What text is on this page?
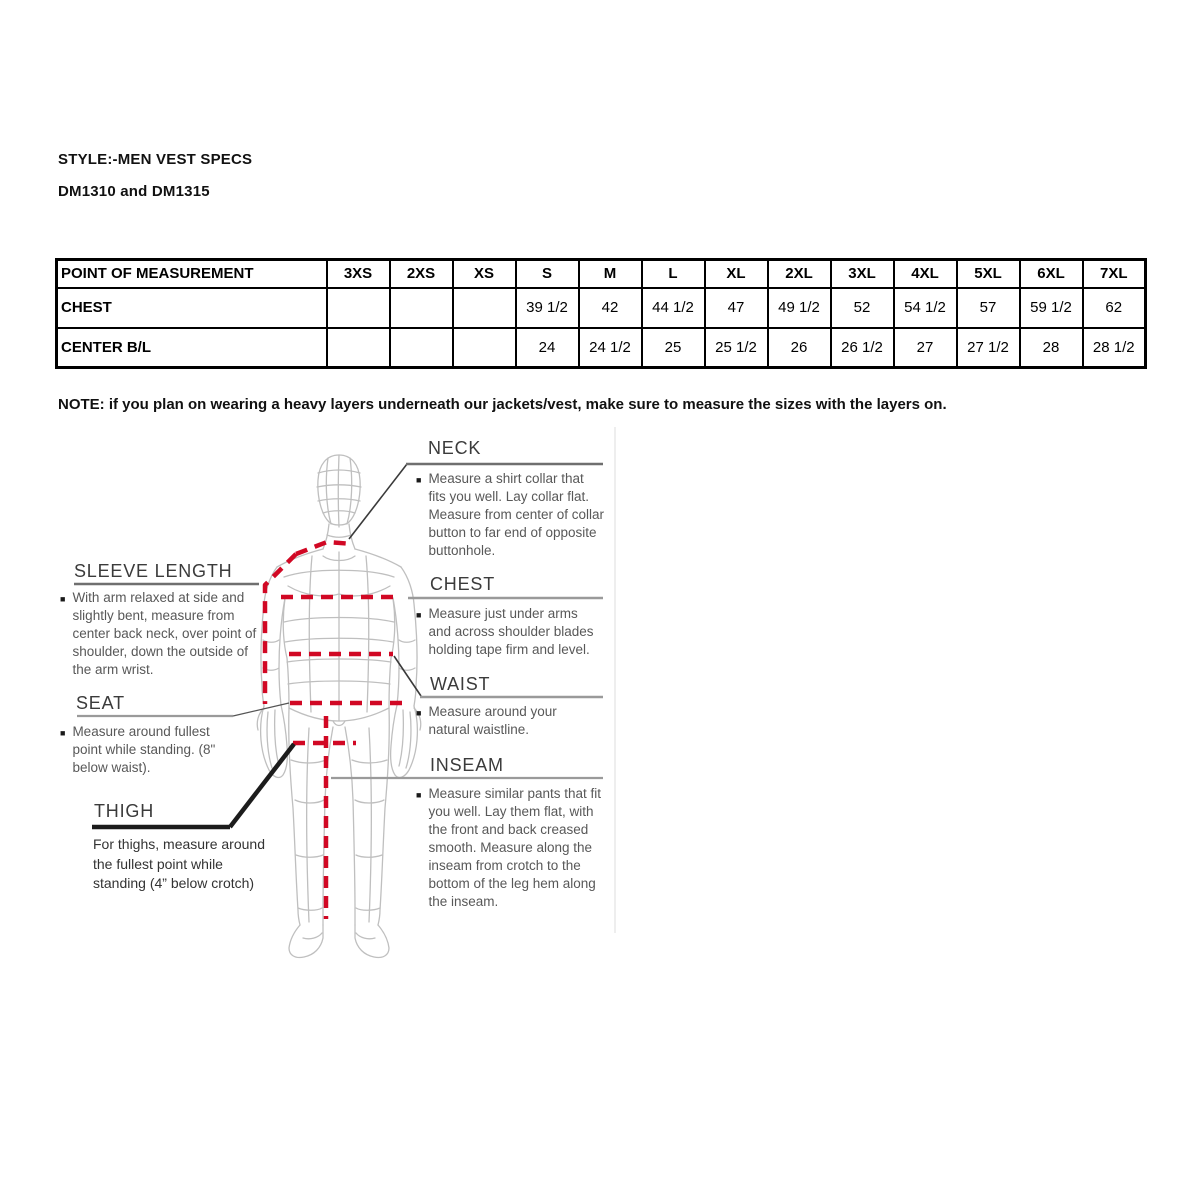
STYLE:-MEN VEST SPECS
DM1310 and DM1315
POINT OF MEASUREMENT	3XS	2XS	XS	S	M	L	XL	2XL	3XL	4XL	5XL	6XL	7XL
CHEST				39 1/2	42	44 1/2	47	49 1/2	52	54 1/2	57	59 1/2	62
CENTER B/L				24	24 1/2	25	25 1/2	26	26 1/2	27	27 1/2	28	28 1/2
NOTE: if you plan on wearing a heavy layers underneath our jackets/vest, make sure to measure the sizes with the layers on.
NECK
■ Measure a shirt collar that fits you well. Lay collar flat. Measure from center of collar button to far end of opposite buttonhole.
CHEST
■ Measure just under arms and across shoulder blades holding tape firm and level.
WAIST
■ Measure around your natural waistline.
INSEAM
■ Measure similar pants that fit you well. Lay them flat, with the front and back creased smooth. Measure along the inseam from crotch to the bottom of the leg hem along the inseam.
SLEEVE LENGTH
■ With arm relaxed at side and slightly bent, measure from center back neck, over point of shoulder, down the outside of the arm wrist.
SEAT
■ Measure around fullest point while standing. (8" below waist).
THIGH
For thighs, measure around the fullest point while standing (4” below crotch)
